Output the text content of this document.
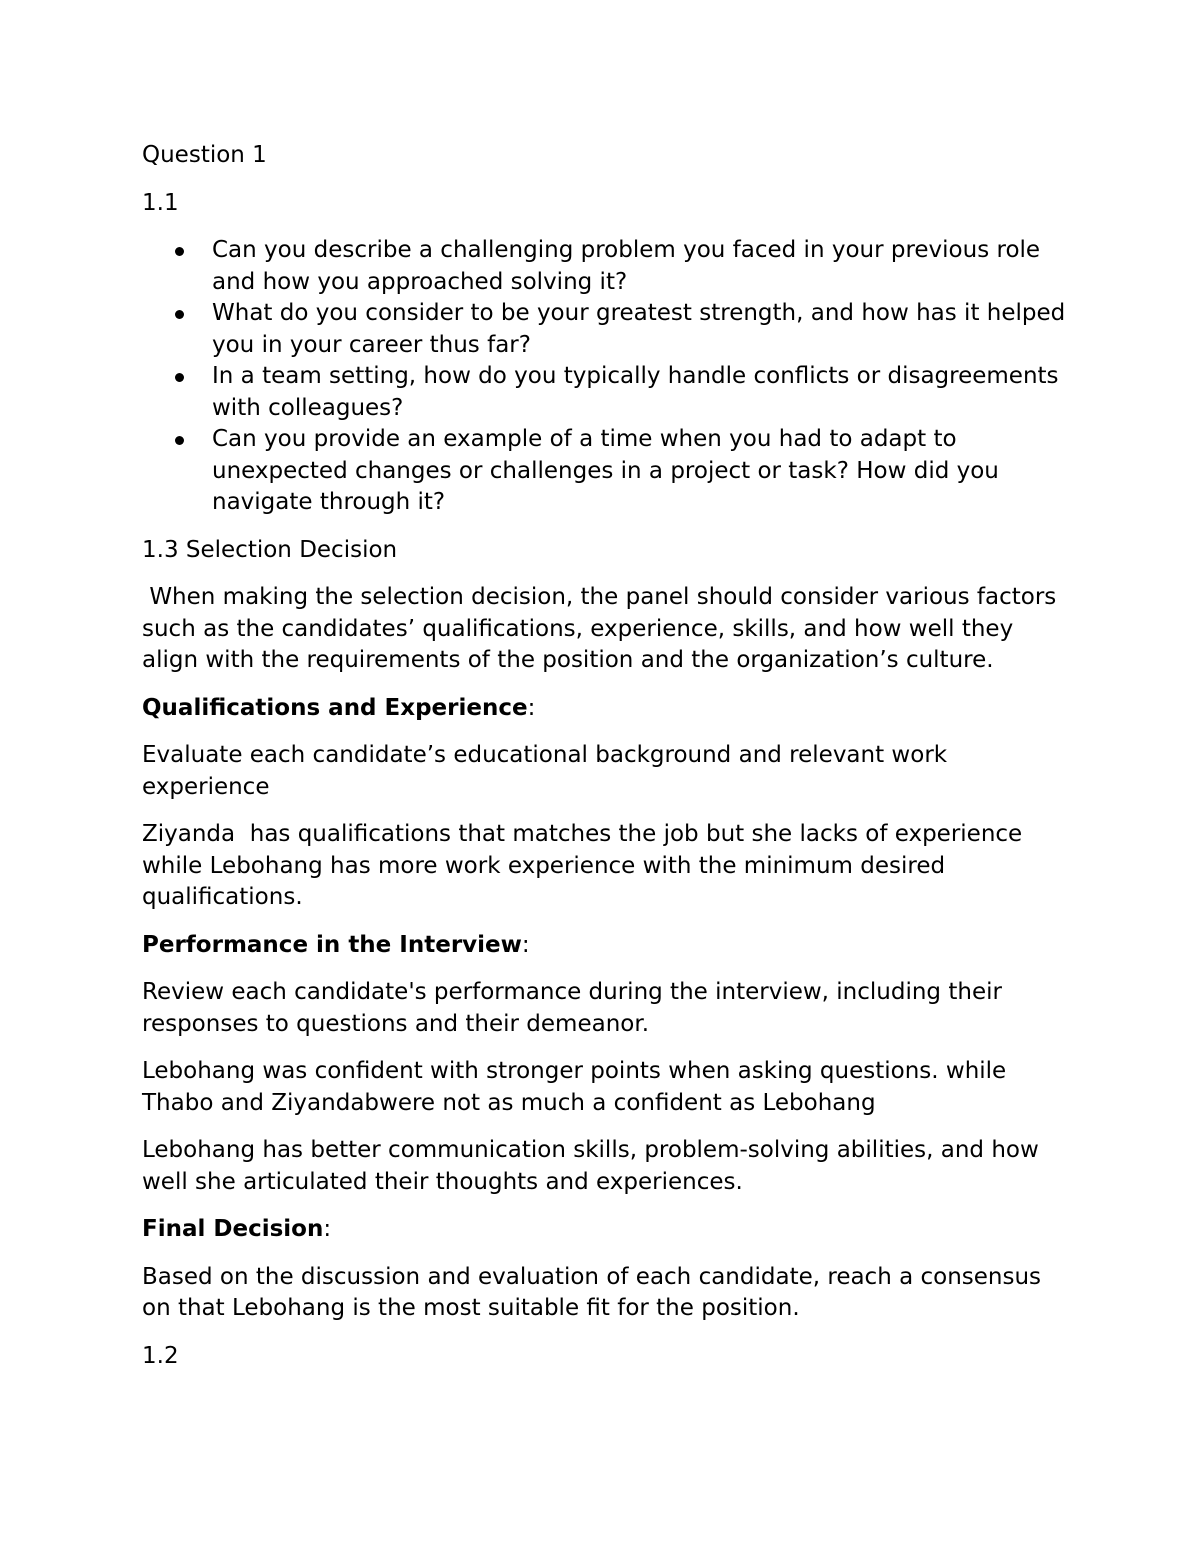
Question 1

1.1

Can you describe a challenging problem you faced in your previous role and how you approached solving it?
What do you consider to be your greatest strength, and how has it helped you in your career thus far?
In a team setting, how do you typically handle conflicts or disagreements with colleagues?
Can you provide an example of a time when you had to adapt to unexpected changes or challenges in a project or task? How did you navigate through it?

1.3 Selection Decision

When making the selection decision, the panel should consider various factors such as the candidates’ qualifications, experience, skills, and how well they align with the requirements of the position and the organization’s culture.

Qualifications and Experience:

Evaluate each candidate’s educational background and relevant work experience

Ziyanda  has qualifications that matches the job but she lacks of experience while Lebohang has more work experience with the minimum desired qualifications.

Performance in the Interview:

Review each candidate's performance during the interview, including their responses to questions and their demeanor.

Lebohang was confident with stronger points when asking questions. while Thabo and Ziyandabwere not as much a confident as Lebohang

Lebohang has better communication skills, problem-solving abilities, and how well she articulated their thoughts and experiences.

Final Decision:

Based on the discussion and evaluation of each candidate, reach a consensus on that Lebohang is the most suitable fit for the position.

1.2
